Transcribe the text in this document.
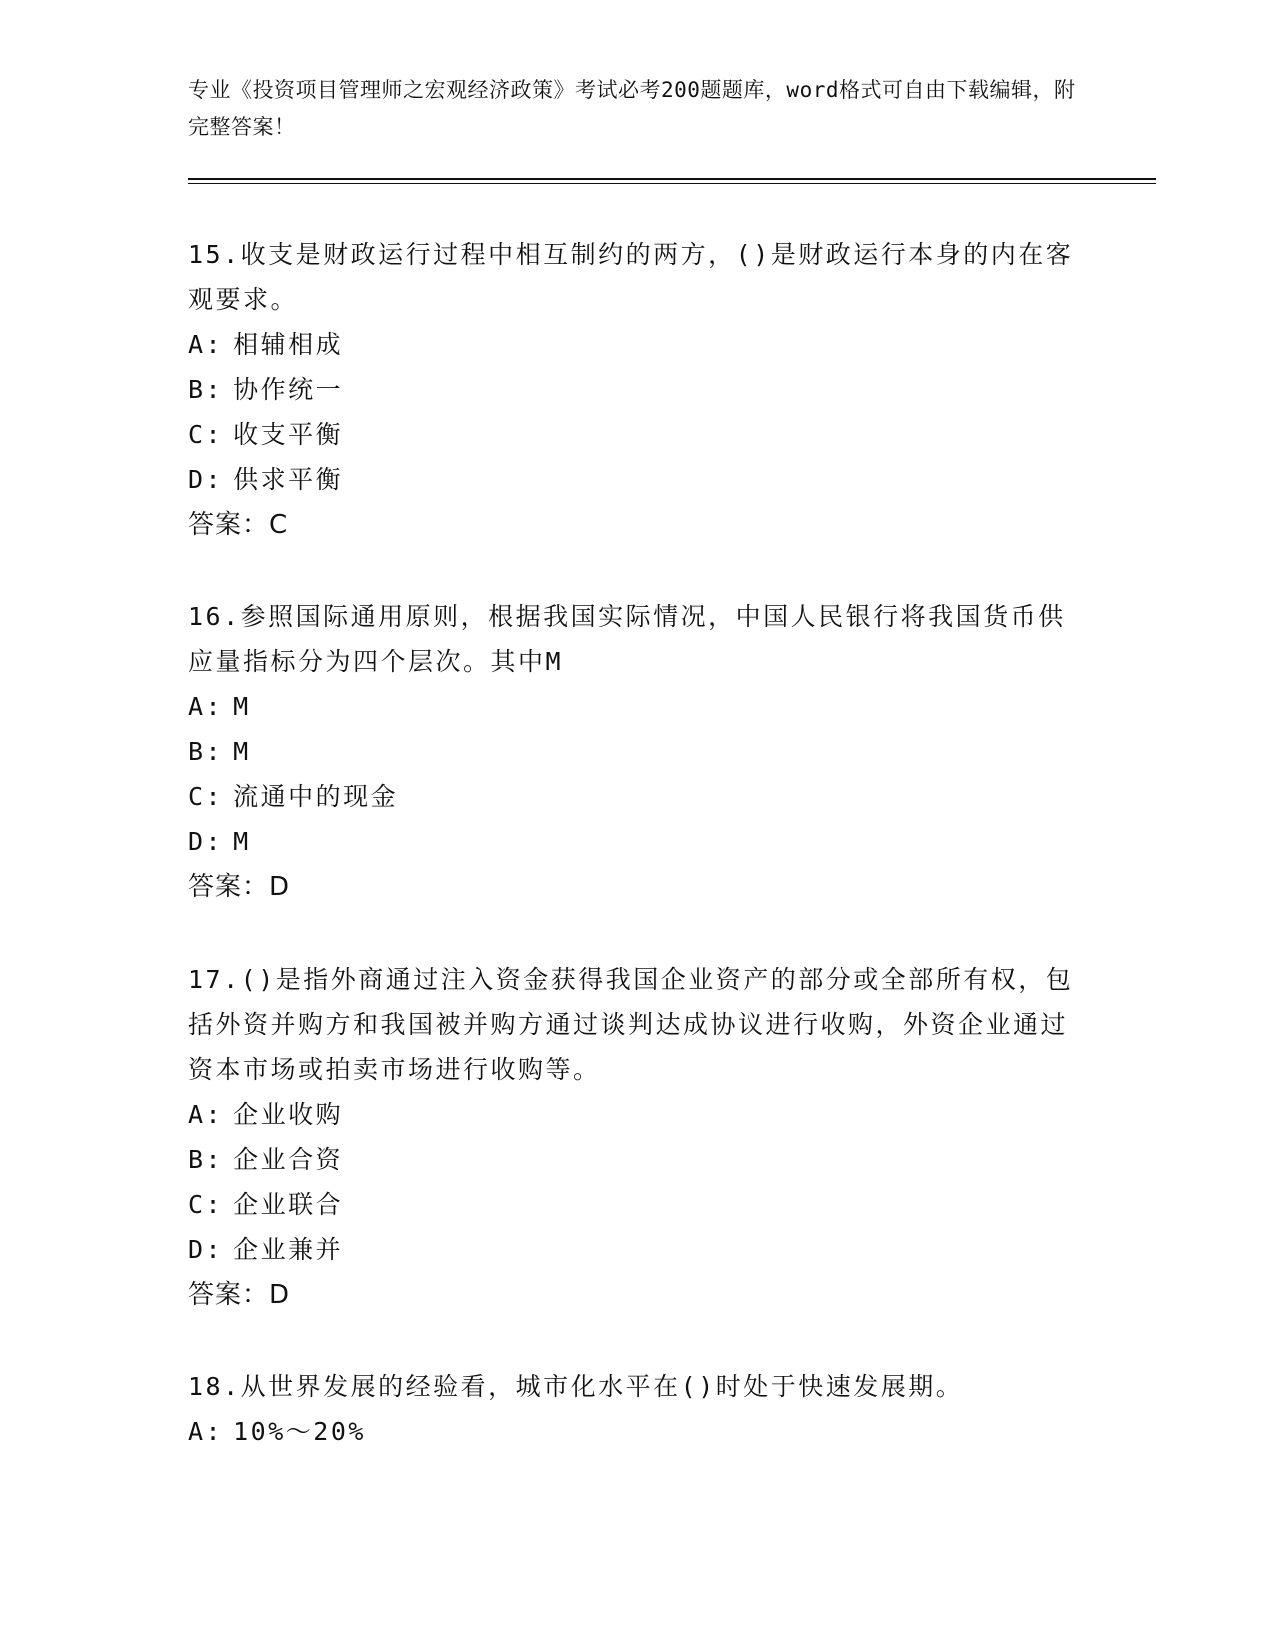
专业《投资项目管理师之宏观经济政策》考试必考200题题库，word格式可自由下载编辑，附完整答案！

15.收支是财政运行过程中相互制约的两方，()是财政运行本身的内在客观要求。

A: 相辅相成

B: 协作统一

C: 收支平衡

D: 供求平衡

答案：C

16.参照国际通用原则，根据我国实际情况，中国人民银行将我国货币供应量指标分为四个层次。其中M

A: M

B: M

C: 流通中的现金

D: M

答案：D

17.()是指外商通过注入资金获得我国企业资产的部分或全部所有权，包括外资并购方和我国被并购方通过谈判达成协议进行收购，外资企业通过资本市场或拍卖市场进行收购等。

A: 企业收购

B: 企业合资

C: 企业联合

D: 企业兼并

答案：D

18.从世界发展的经验看，城市化水平在()时处于快速发展期。

A: 10%～20%
